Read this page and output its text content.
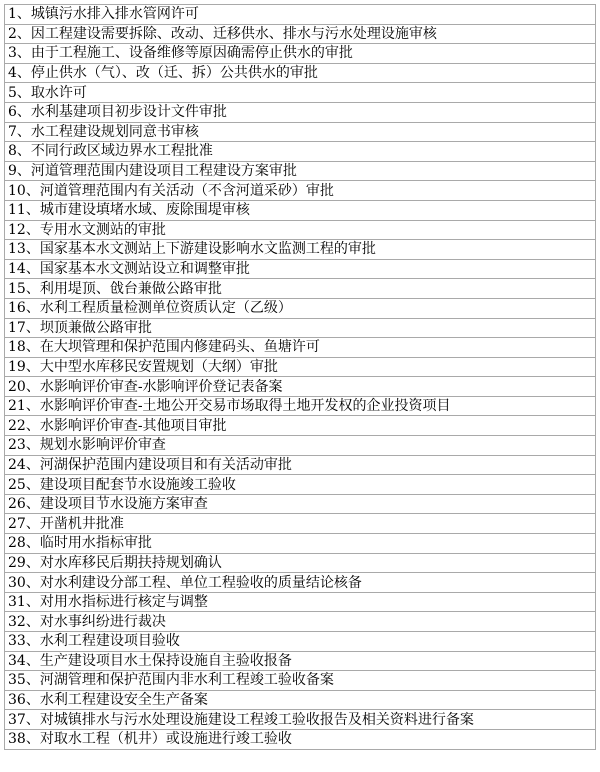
1、城镇污水排入排水管网许可
2、因工程建设需要拆除、改动、迁移供水、排水与污水处理设施审核
3、由于工程施工、设备维修等原因确需停止供水的审批
4、停止供水（气）、改（迁、拆）公共供水的审批
5、取水许可
6、水利基建项目初步设计文件审批
7、水工程建设规划同意书审核
8、不同行政区域边界水工程批准
9、河道管理范围内建设项目工程建设方案审批
10、河道管理范围内有关活动（不含河道采砂）审批
11、城市建设填堵水域、废除围堤审核
12、专用水文测站的审批
13、国家基本水文测站上下游建设影响水文监测工程的审批
14、国家基本水文测站设立和调整审批
15、利用堤顶、戗台兼做公路审批
16、水利工程质量检测单位资质认定（乙级）
17、坝顶兼做公路审批
18、在大坝管理和保护范围内修建码头、鱼塘许可
19、大中型水库移民安置规划（大纲）审批
20、水影响评价审查-水影响评价登记表备案
21、水影响评价审查-土地公开交易市场取得土地开发权的企业投资项目
22、水影响评价审查-其他项目审批
23、规划水影响评价审查
24、河湖保护范围内建设项目和有关活动审批
25、建设项目配套节水设施竣工验收
26、建设项目节水设施方案审查
27、开凿机井批准
28、临时用水指标审批
29、对水库移民后期扶持规划确认
30、对水利建设分部工程、单位工程验收的质量结论核备
31、对用水指标进行核定与调整
32、对水事纠纷进行裁决
33、水利工程建设项目验收
34、生产建设项目水土保持设施自主验收报备
35、河湖管理和保护范围内非水利工程竣工验收备案
36、水利工程建设安全生产备案
37、对城镇排水与污水处理设施建设工程竣工验收报告及相关资料进行备案
38、对取水工程（机井）或设施进行竣工验收
